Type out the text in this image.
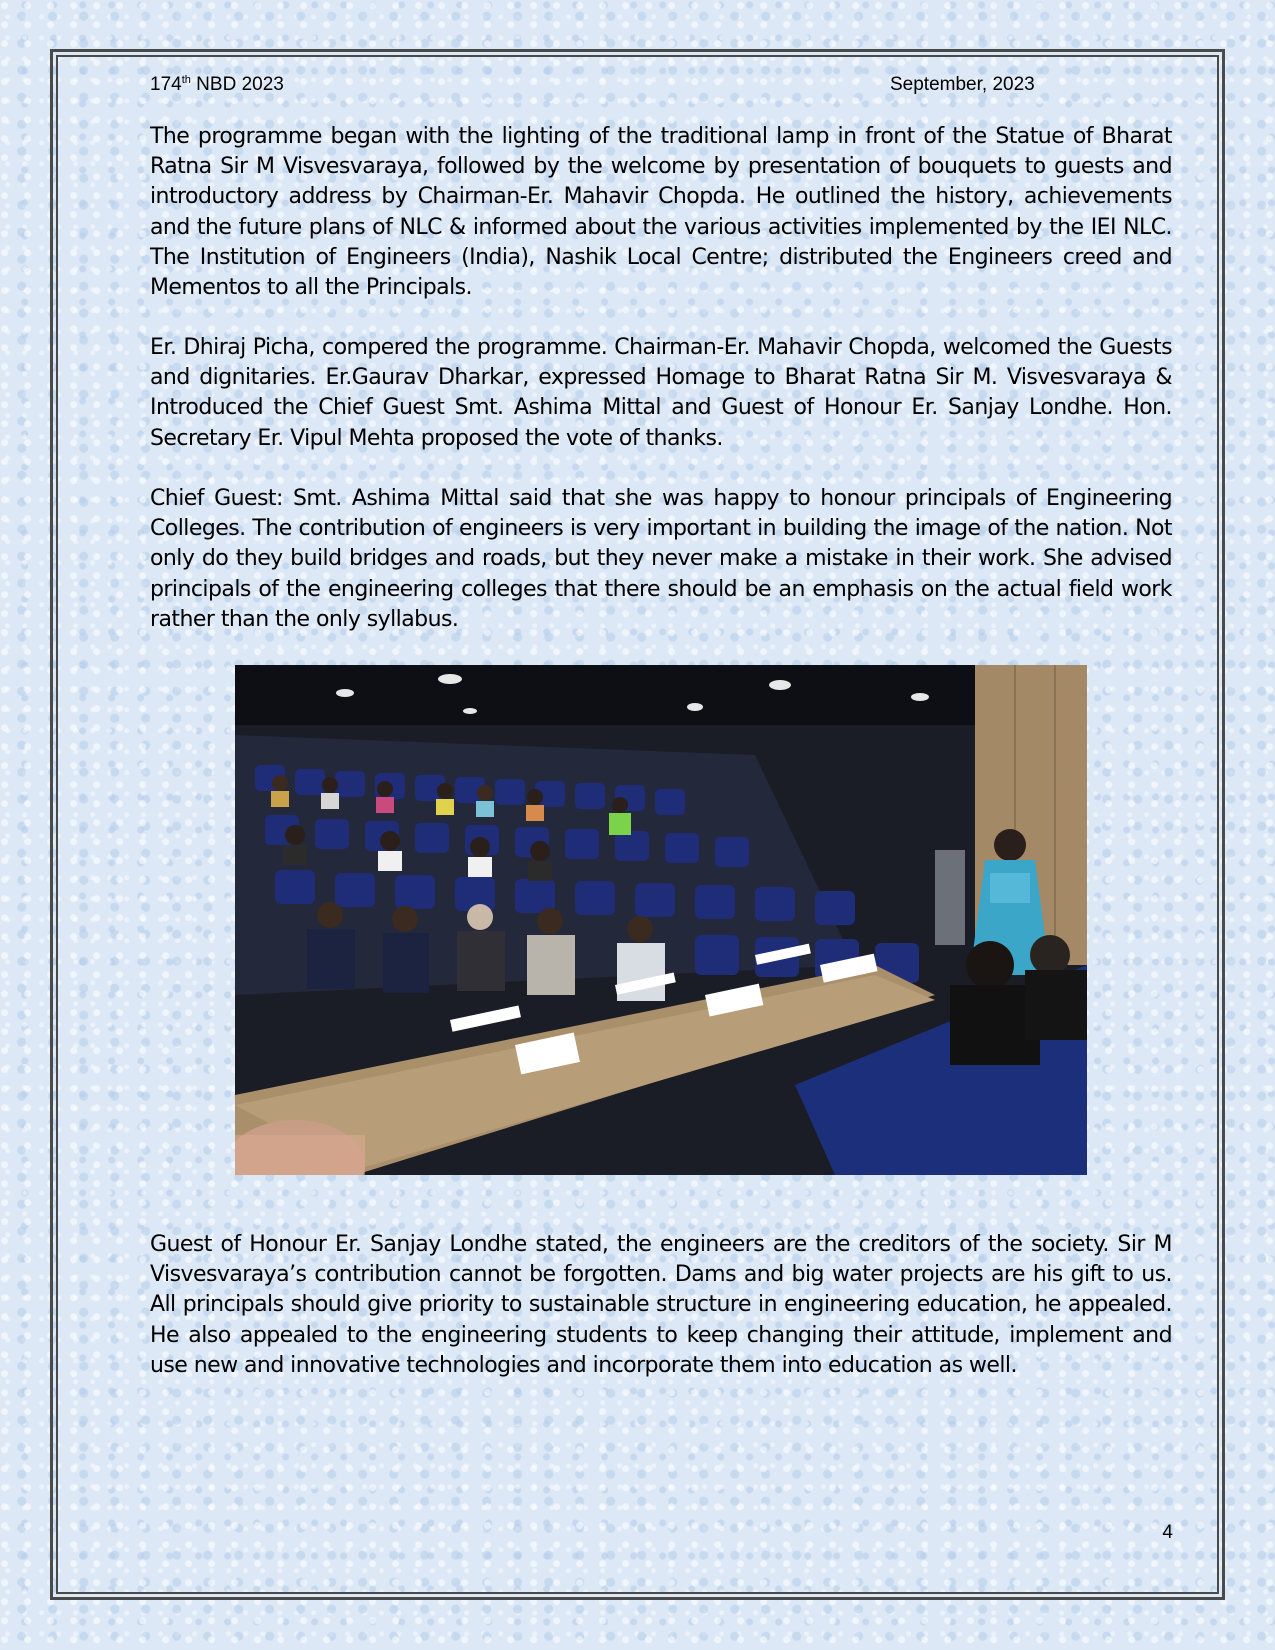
174th NBD 2023	September, 2023

The programme began with the lighting of the traditional lamp in front of the Statue of Bharat Ratna Sir M Visvesvaraya, followed by the welcome by presentation of bouquets to guests and introductory address by Chairman-Er. Mahavir Chopda. He outlined the history, achievements and the future plans of NLC & informed about the various activities implemented by the IEI NLC. The Institution of Engineers (India), Nashik Local Centre; distributed the Engineers creed and Mementos to all the Principals.

Er. Dhiraj Picha, compered the programme. Chairman-Er. Mahavir Chopda, welcomed the Guests and dignitaries. Er.Gaurav Dharkar, expressed Homage to Bharat Ratna Sir M. Visvesvaraya & Introduced the Chief Guest Smt. Ashima Mittal and Guest of Honour Er. Sanjay Londhe. Hon. Secretary Er. Vipul Mehta proposed the vote of thanks.

Chief Guest: Smt. Ashima Mittal said that she was happy to honour principals of Engineering Colleges. The contribution of engineers is very important in building the image of the nation. Not only do they build bridges and roads, but they never make a mistake in their work. She advised principals of the engineering colleges that there should be an emphasis on the actual field work rather than the only syllabus.

Guest of Honour Er. Sanjay Londhe stated, the engineers are the creditors of the society. Sir M Visvesvaraya’s contribution cannot be forgotten. Dams and big water projects are his gift to us. All principals should give priority to sustainable structure in engineering education, he appealed. He also appealed to the engineering students to keep changing their attitude, implement and use new and innovative technologies and incorporate them into education as well.

4
